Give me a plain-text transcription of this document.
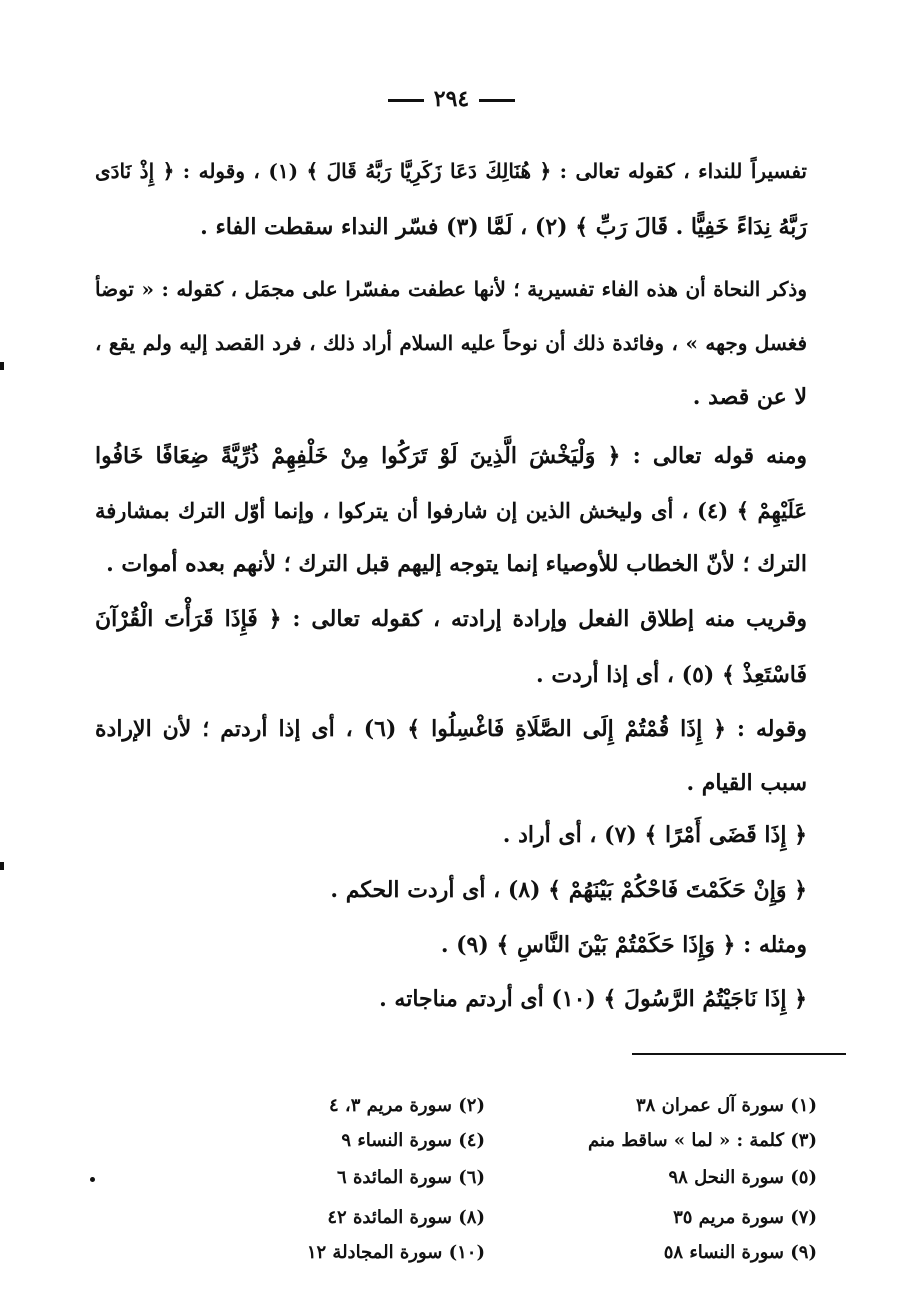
٢٩٤
تفسيراً للنداء ، كقوله تعالى : ﴿ هُنَالِكَ دَعَا زَكَرِيَّا رَبَّهُ قَالَ ﴾ (١) ، وقوله : ﴿ إِذْ نَادَى
رَبَّهُ نِدَاءً خَفِيًّا . قَالَ رَبِّ ﴾ (٢) ، لَمَّا (٣) فسّر النداء سقطت الفاء .
وذكر النحاة أن هذه الفاء تفسيرية ؛ لأنها عطفت مفسّرا على مجمَل ، كقوله : « توضأ
فغسل وجهه » ، وفائدة ذلك أن نوحاً عليه السلام أراد ذلك ، فرد القصد إليه ولم يقع ،
لا عن قصد .
ومنه قوله تعالى : ﴿ وَلْيَخْشَ الَّذِينَ لَوْ تَرَكُوا مِنْ خَلْفِهِمْ ذُرِّيَّةً ضِعَافًا خَافُوا
عَلَيْهِمْ ﴾ (٤) ، أى وليخش الذين إن شارفوا أن يتركوا ، وإنما أوّل الترك بمشارفة
الترك ؛ لأنّ الخطاب للأوصياء إنما يتوجه إليهم قبل الترك ؛ لأنهم بعده أموات .
وقريب منه إطلاق الفعل وإرادة إرادته ، كقوله تعالى : ﴿ فَإِذَا قَرَأْتَ الْقُرْآنَ
فَاسْتَعِذْ ﴾ (٥) ، أى إذا أردت .
وقوله : ﴿ إِذَا قُمْتُمْ إِلَى الصَّلَاةِ فَاغْسِلُوا ﴾ (٦) ، أى إذا أردتم ؛ لأن الإرادة
سبب القيام .
﴿ إِذَا قَضَى أَمْرًا ﴾ (٧) ، أى أراد .
﴿ وَإِنْ حَكَمْتَ فَاحْكُمْ بَيْنَهُمْ ﴾ (٨) ، أى أردت الحكم .
ومثله : ﴿ وَإِذَا حَكَمْتُمْ بَيْنَ النَّاسِ ﴾ (٩) .
﴿ إِذَا نَاجَيْتُمُ الرَّسُولَ ﴾ (١٠) أى أردتم مناجاته .
(١) سورة آل عمران ٣٨
(٣) كلمة : « لما » ساقط منم
(٥) سورة النحل ٩٨
(٧) سورة مريم ٣٥
(٩) سورة النساء ٥٨
(٢) سورة مريم ٣، ٤
(٤) سورة النساء ٩
(٦) سورة المائدة ٦
(٨) سورة المائدة ٤٢
(١٠) سورة المجادلة ١٢
